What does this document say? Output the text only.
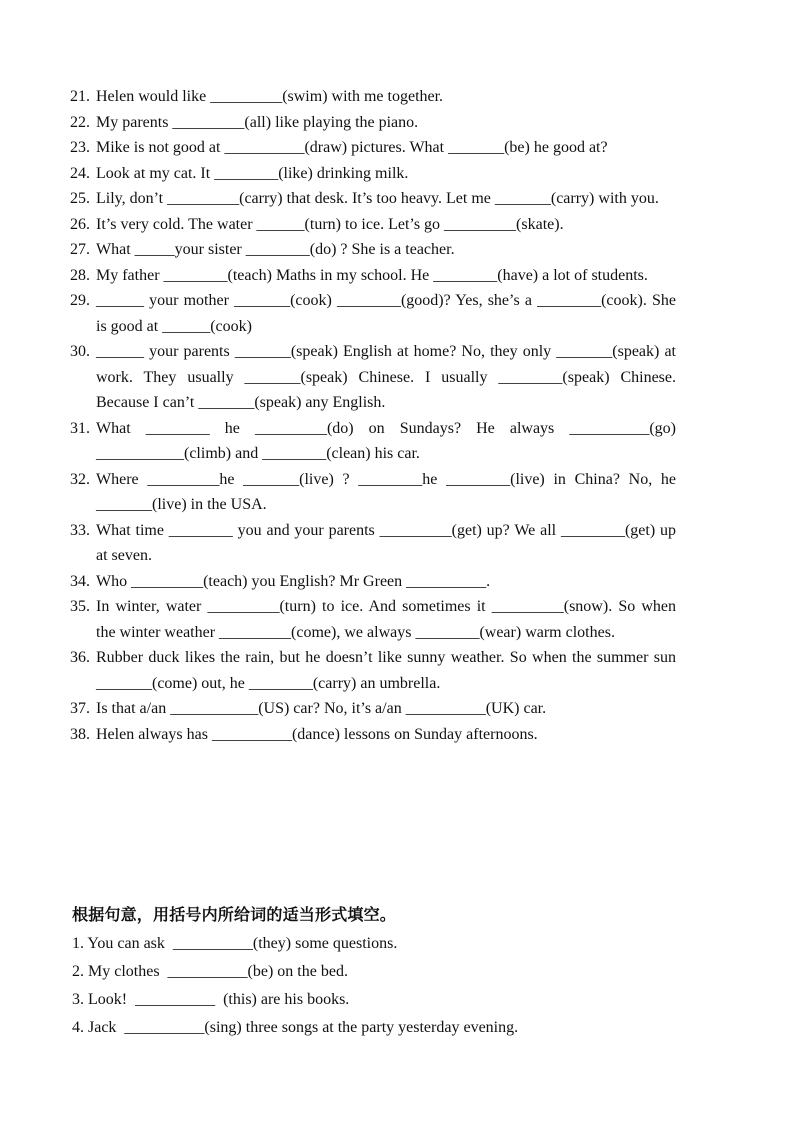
21. Helen would like _________(swim) with me together.
22. My parents _________(all) like playing the piano.
23. Mike is not good at __________(draw) pictures. What _______(be) he good at?
24. Look at my cat. It ________(like) drinking milk.
25. Lily, don’t _________(carry) that desk. It’s too heavy. Let me _______(carry) with you.
26. It’s very cold. The water ______(turn) to ice. Let’s go _________(skate).
27. What _____your sister ________(do) ? She is a teacher.
28. My father ________(teach) Maths in my school. He ________(have) a lot of students.
29. ______ your mother _______(cook) ________(good)? Yes, she’s a ________(cook). She is good at ______(cook)
30. ______ your parents _______(speak) English at home? No, they only _______(speak) at work. They usually _______(speak) Chinese. I usually ________(speak) Chinese. Because I can’t _______(speak) any English.
31. What ________ he _________(do) on Sundays? He always __________(go) ___________(climb) and ________(clean) his car.
32. Where _________he _______(live) ? ________he ________(live) in China? No, he _______(live) in the USA.
33. What time ________ you and your parents _________(get) up? We all ________(get) up at seven.
34. Who _________(teach) you English? Mr Green __________.
35. In winter, water _________(turn) to ice. And sometimes it _________(snow). So when the winter weather _________(come), we always ________(wear) warm clothes.
36. Rubber duck likes the rain, but he doesn’t like sunny weather. So when the summer sun _______(come) out, he ________(carry) an umbrella.
37. Is that a/an ___________(US) car? No, it’s a/an __________(UK) car.
38. Helen always has __________(dance) lessons on Sunday afternoons.
根据句意，用括号内所给词的适当形式填空。
1. You can ask  __________(they) some questions.
2. My clothes  __________(be) on the bed.
3. Look!  __________  (this) are his books.
4. Jack  __________(sing) three songs at the party yesterday evening.
